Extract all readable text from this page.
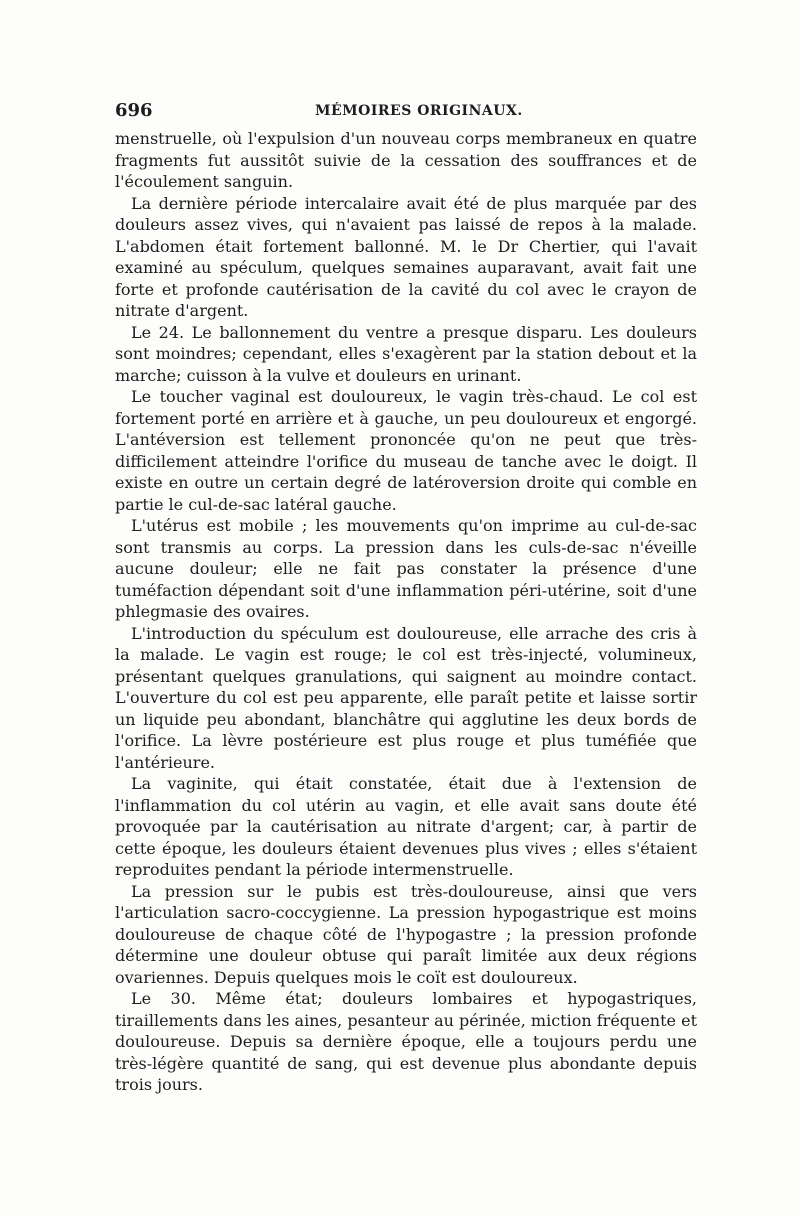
696	MÉMOIRES ORIGINAUX.

menstruelle, où l'expulsion d'un nouveau corps membraneux en quatre fragments fut aussitôt suivie de la cessation des souffrances et de l'écoulement sanguin.

La dernière période intercalaire avait été de plus marquée par des douleurs assez vives, qui n'avaient pas laissé de repos à la malade. L'abdomen était fortement ballonné. M. le Dr Chertier, qui l'avait examiné au spéculum, quelques semaines auparavant, avait fait une forte et profonde cautérisation de la cavité du col avec le crayon de nitrate d'argent.

Le 24. Le ballonnement du ventre a presque disparu. Les douleurs sont moindres; cependant, elles s'exagèrent par la station debout et la marche; cuisson à la vulve et douleurs en urinant.

Le toucher vaginal est douloureux, le vagin très-chaud. Le col est fortement porté en arrière et à gauche, un peu douloureux et engorgé. L'antéversion est tellement prononcée qu'on ne peut que très-difficilement atteindre l'orifice du museau de tanche avec le doigt. Il existe en outre un certain degré de latéroversion droite qui comble en partie le cul-de-sac latéral gauche.

L'utérus est mobile ; les mouvements qu'on imprime au cul-de-sac sont transmis au corps. La pression dans les culs-de-sac n'éveille aucune douleur; elle ne fait pas constater la présence d'une tuméfaction dépendant soit d'une inflammation péri-utérine, soit d'une phlegmasie des ovaires.

L'introduction du spéculum est douloureuse, elle arrache des cris à la malade. Le vagin est rouge; le col est très-injecté, volumineux, présentant quelques granulations, qui saignent au moindre contact. L'ouverture du col est peu apparente, elle paraît petite et laisse sortir un liquide peu abondant, blanchâtre qui agglutine les deux bords de l'orifice. La lèvre postérieure est plus rouge et plus tuméfiée que l'antérieure.

La vaginite, qui était constatée, était due à l'extension de l'inflammation du col utérin au vagin, et elle avait sans doute été provoquée par la cautérisation au nitrate d'argent; car, à partir de cette époque, les douleurs étaient devenues plus vives ; elles s'étaient reproduites pendant la période intermenstruelle.

La pression sur le pubis est très-douloureuse, ainsi que vers l'articulation sacro-coccygienne. La pression hypogastrique est moins douloureuse de chaque côté de l'hypogastre ; la pression profonde détermine une douleur obtuse qui paraît limitée aux deux régions ovariennes. Depuis quelques mois le coït est douloureux.

Le 30. Même état; douleurs lombaires et hypogastriques, tiraillements dans les aines, pesanteur au périnée, miction fréquente et douloureuse. Depuis sa dernière époque, elle a toujours perdu une très-légère quantité de sang, qui est devenue plus abondante depuis trois jours.
